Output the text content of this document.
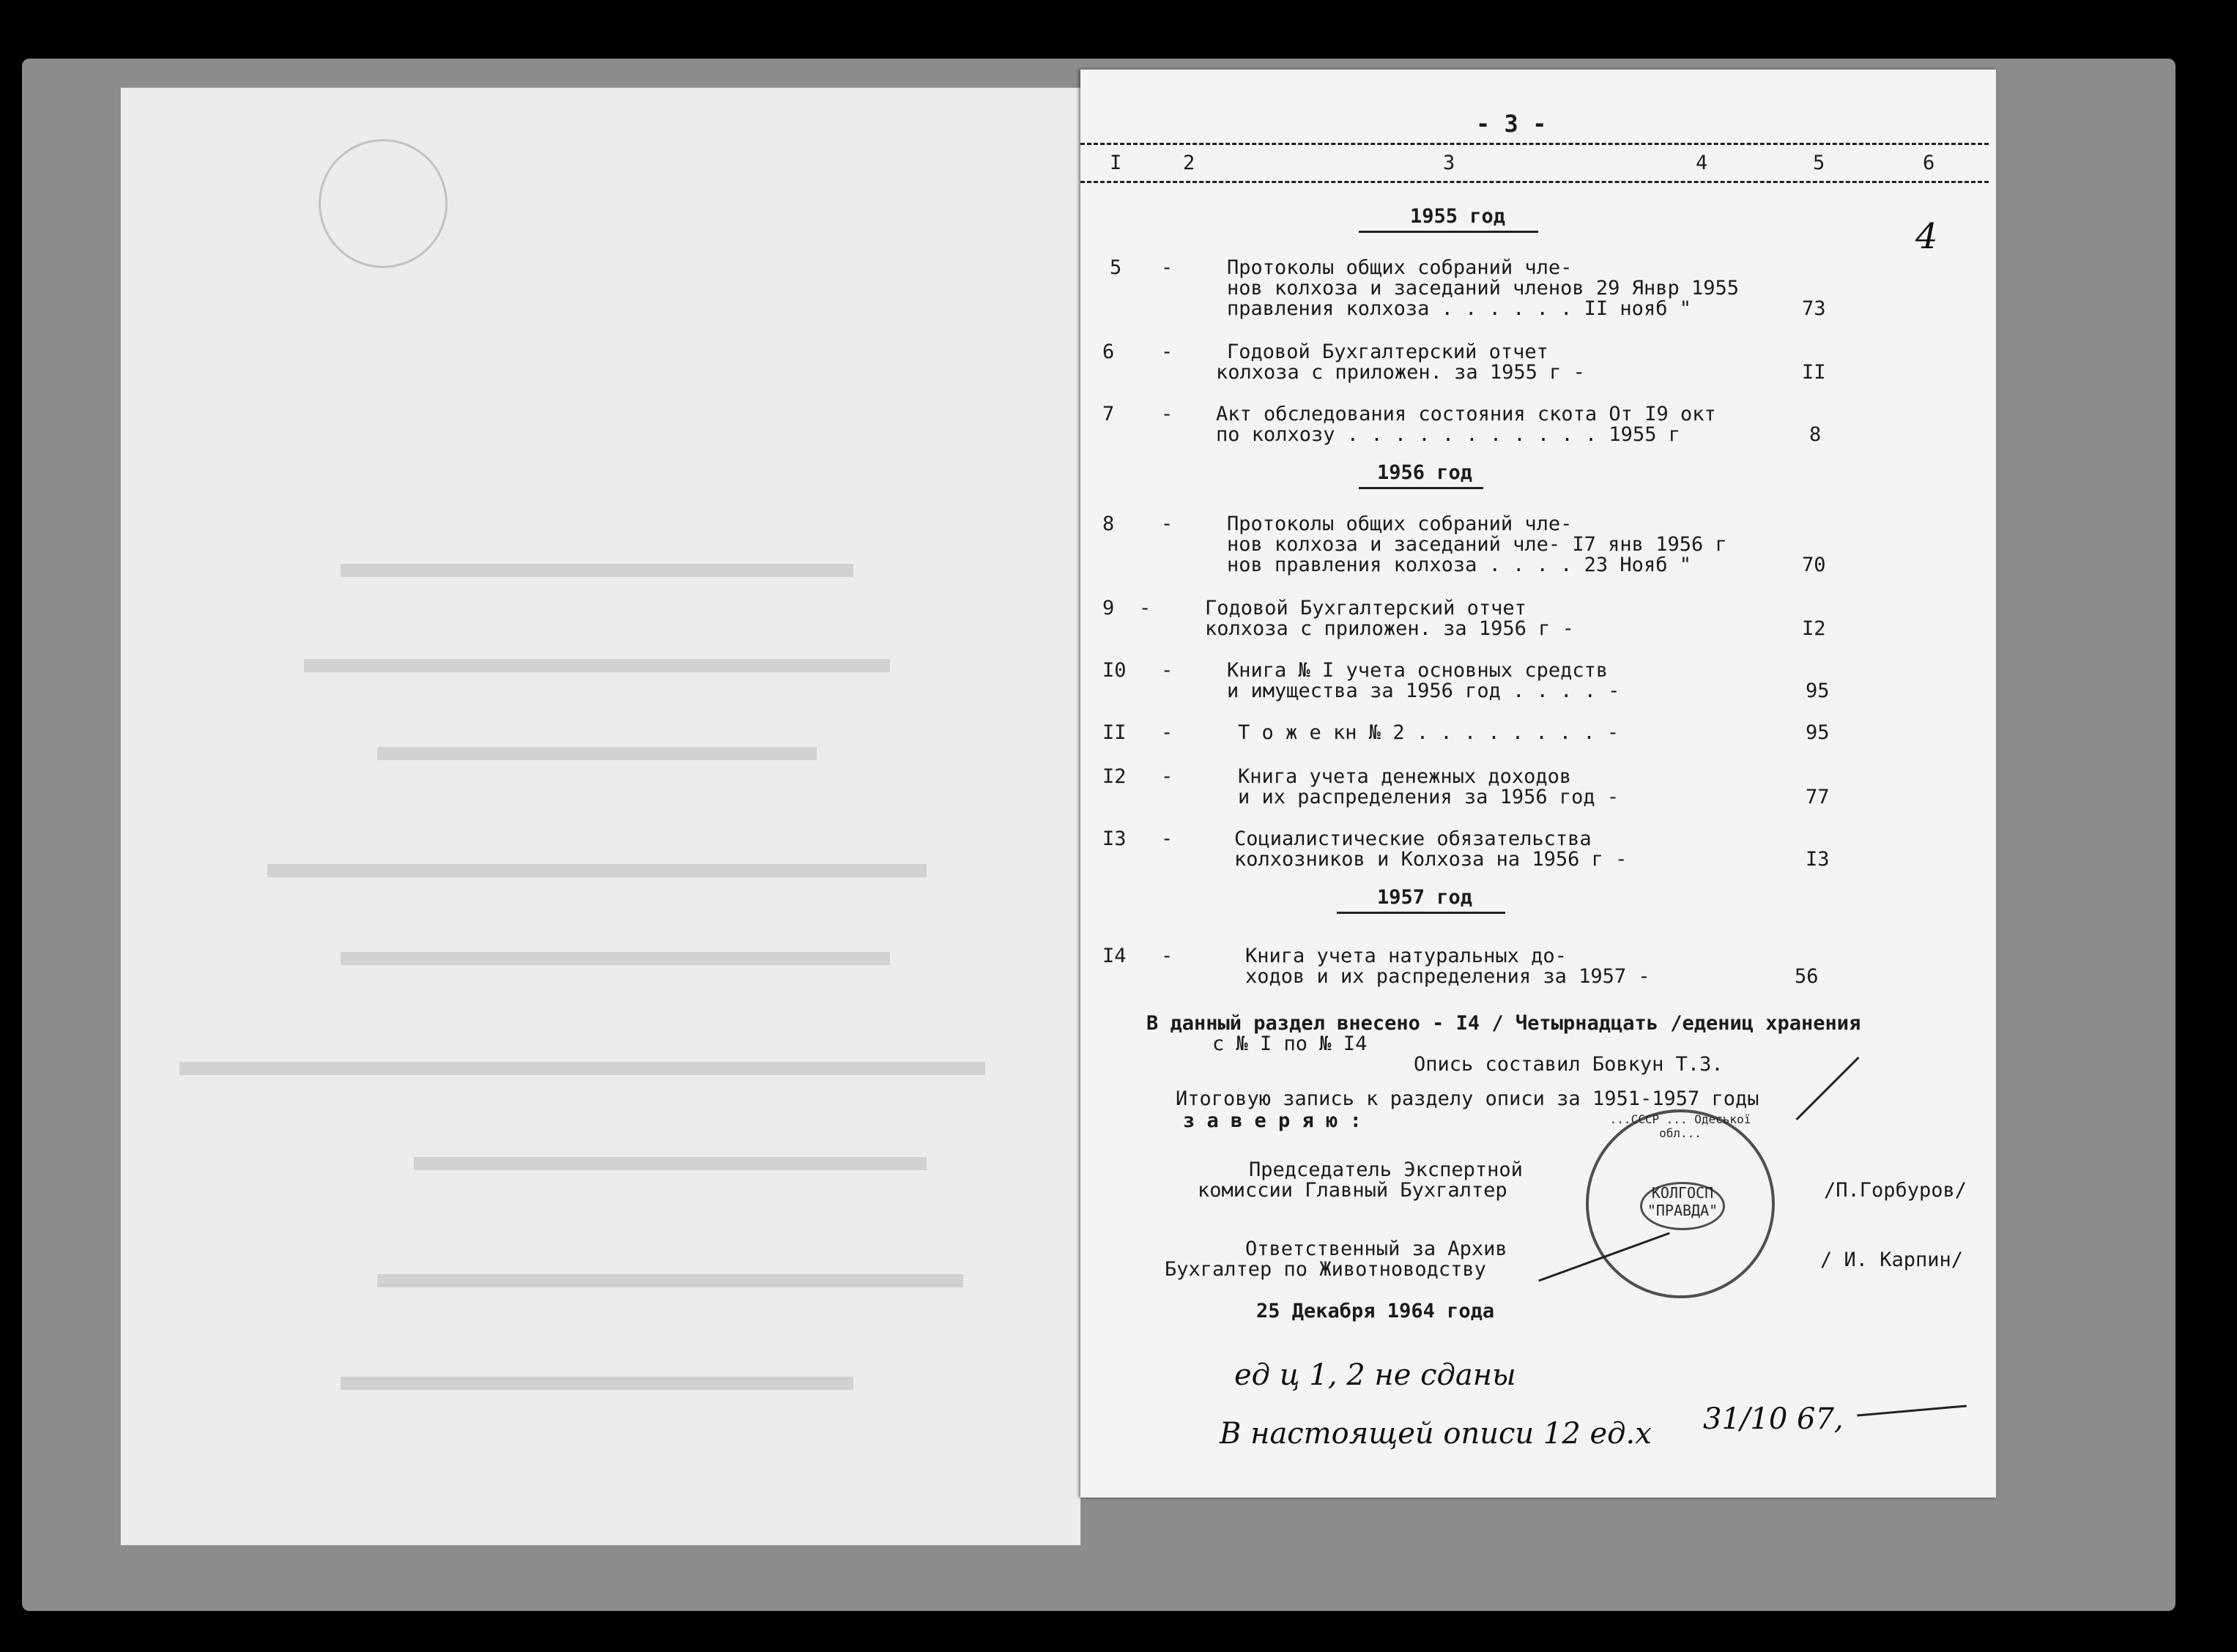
- 3 -
4
I	2	3	4	5	6
1955 год
5 -	Протоколы общих собраний чле-
нов колхоза и заседаний членов 29 Янвр 1955
правления колхоза . . . . . . II нояб "	73
6 -	Годовой Бухгалтерский отчет
колхоза с приложен. за 1955 г -	II
7 - Акт обследования состояния скота От I9 окт
по колхозу . . . . . . . . . . . 1955 г	8
1956 год
8 -	Протоколы общих собраний чле-
нов колхоза и заседаний чле- I7 янв 1956 г
нов правления колхоза . . . . 23 Нояб "	70
9 -	Годовой Бухгалтерский отчет
колхоза с приложен. за 1956 г -	I2
I0 -	Книга № I учета основных средств
и имущества за 1956 год . . . . -	95
II -	Т о ж е кн № 2 . . . . . . . . -	95
I2 -	Книга учета денежных доходов
и их распределения за 1956 год -	77
I3 -	Социалистические обязательства
колхозников и Колхоза на 1956 г -	I3
1957 год
I4 -	Книга учета натуральных до-
ходов и их распределения за 1957 -	56
В данный раздел внесено - I4 / Четырнадцать /едениц хранения
с № I по № I4
Опись составил Бовкун Т.З.
Итоговую запись к разделу описи за 1951-1957 годы
з а в е р я ю :
Председатель Экспертной
комиссии Главный Бухгалтер	/П.Горбуров/
Ответственный за Архив
Бухгалтер по Животноводству	/ И. Карпин/
25 Декабря 1964 года
...СССР ... Одеської обл...
КОЛГОСП "ПРАВДА"
ед ц 1, 2 не сданы
В настоящей описи 12 ед.х 31/10 67,
